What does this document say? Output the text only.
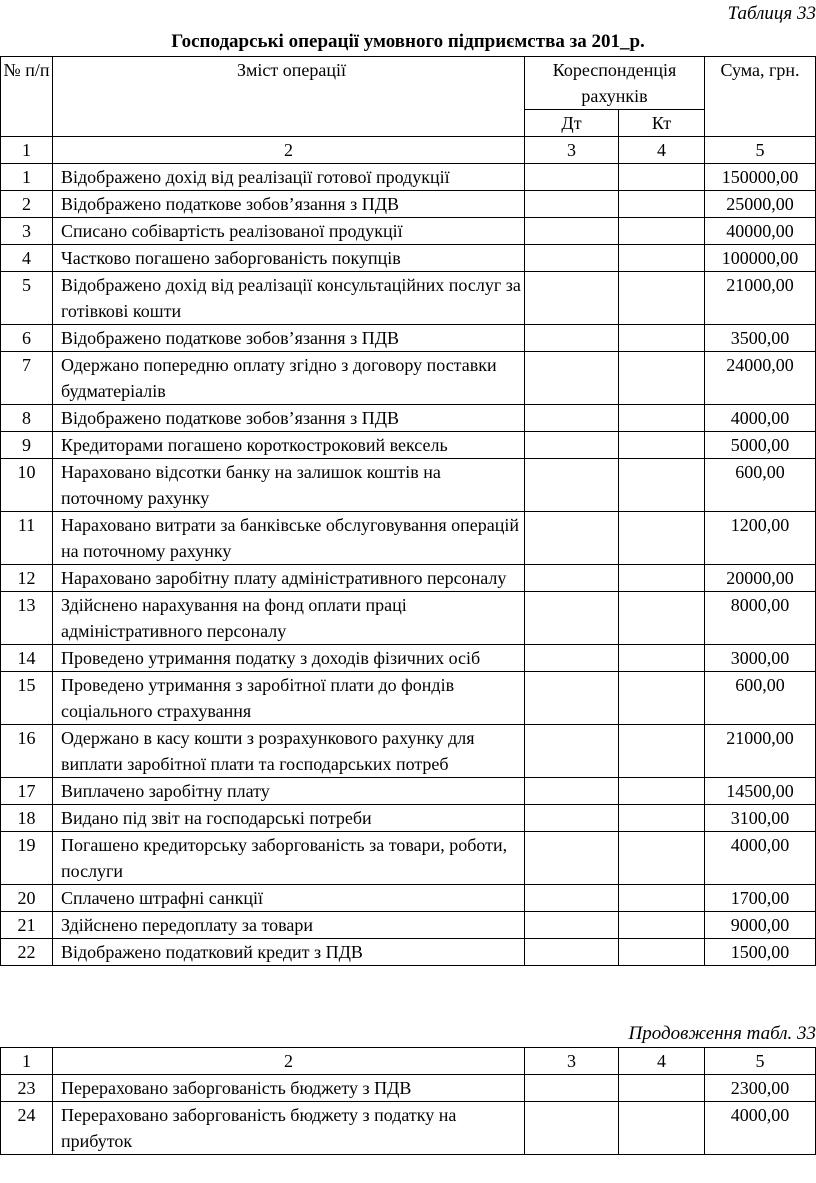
Таблиця 33
Господарські операції умовного підприємства за 201_р.
№ п/п	Зміст операції	Кореспонденція рахунків		Сума, грн.
		Дт	Кт	
1	2	3	4	5
1	Відображено дохід від реалізації готової продукції			150000,00
2	Відображено податкове зобов’язання з ПДВ			25000,00
3	Списано собівартість реалізованої продукції			40000,00
4	Частково погашено заборгованість покупців			100000,00
5	Відображено дохід від реалізації консультаційних послуг за готівкові кошти			21000,00
6	Відображено податкове зобов’язання з ПДВ			3500,00
7	Одержано попередню оплату згідно з договору поставки будматеріалів			24000,00
8	Відображено податкове зобов’язання з ПДВ			4000,00
9	Кредиторами погашено короткостроковий вексель			5000,00
10	Нараховано відсотки банку на залишок коштів на поточному рахунку			600,00
11	Нараховано витрати за банківське обслуговування операцій на поточному рахунку			1200,00
12	Нараховано заробітну плату адміністративного персоналу			20000,00
13	Здійснено нарахування на фонд оплати праці адміністративного персоналу			8000,00
14	Проведено утримання податку з доходів фізичних осіб			3000,00
15	Проведено утримання з заробітної плати до фондів соціального страхування			600,00
16	Одержано в касу кошти з розрахункового рахунку для виплати заробітної плати та господарських потреб			21000,00
17	Виплачено заробітну плату			14500,00
18	Видано під звіт на господарські потреби			3100,00
19	Погашено кредиторську заборгованість за товари, роботи, послуги			4000,00
20	Сплачено штрафні санкції			1700,00
21	Здійснено передоплату за товари			9000,00
22	Відображено податковий кредит з ПДВ			1500,00
Продовження табл. 33
1	2	3	4	5
23	Перераховано заборгованість бюджету з ПДВ			2300,00
24	Перераховано заборгованість бюджету з податку на прибуток			4000,00
